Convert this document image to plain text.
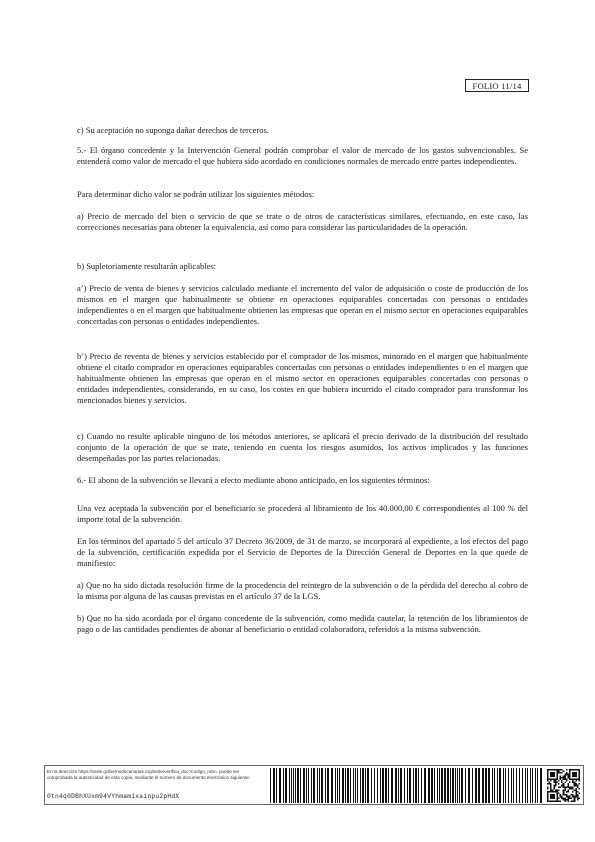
FOLIO 11/14

c) Su aceptación no suponga dañar derechos de terceros.

5.- El órgano concedente y la Intervención General podrán comprobar el valor de mercado de los gastos subvencionables. Se entenderá como valor de mercado el que hubiera sido acordado en condiciones normales de mercado entre partes independientes.

Para determinar dicho valor se podrán utilizar los siguientes métodos:

a) Precio de mercado del bien o servicio de que se trate o de otros de características similares, efectuando, en este caso, las correcciones necesarias para obtener la equivalencia, así como para considerar las particularidades de la operación.

b) Supletoriamente resultarán aplicables:

a’) Precio de venta de bienes y servicios calculado mediante el incremento del valor de adquisición o coste de producción de los mismos en el margen que habitualmente se obtiene en operaciones equiparables concertadas con personas o entidades independientes o en el margen que habitualmente obtienen las empresas que operan en el mismo sector en operaciones equiparables concertadas con personas o entidades independientes.

b’) Precio de reventa de bienes y servicios establecido por el comprador de los mismos, minorado en el margen que habitualmente obtiene el citado comprador en operaciones equiparables concertadas con personas o entidades independientes o en el margen que habitualmente obtienen las empresas que operan en el mismo sector en operaciones equiparables concertadas con personas o entidades independientes, considerando, en su caso, los costes en que hubiera incurrido el citado comprador para transformar los mencionados bienes y servicios.

c) Cuando no resulte aplicable ninguno de los métodos anteriores, se aplicará el precio derivado de la distribución del resultado conjunto de la operación de que se trate, teniendo en cuenta los riesgos asumidos, los activos implicados y las funciones desempeñadas por las partes relacionadas.

6.- El abono de la subvención se llevará a efecto mediante abono anticipado, en los siguientes términos:

Una vez aceptada la subvención por el beneficiario se procederá al libramiento de los 40.000,00 € correspondientes al 100 % del importe total de la subvención.

En los términos del apartado 5 del artículo 37 Decreto 36/2009, de 31 de marzo, se incorporará al expediente, a los efectos del pago de la subvención, certificación expedida por el Servicio de Deportes de la Dirección General de Deportes en la que quede de manifiesto:

a) Que no ha sido dictada resolución firme de la procedencia del reintegro de la subvención o de la pérdida del derecho al cobro de la misma por alguna de las causas previstas en el artículo 37 de la LGS.

b) Que no ha sido acordada por el órgano concedente de la subvención, como medida cautelar, la retención de los libramientos de pago o de las cantidades pendientes de abonar al beneficiario o entidad colaboradora, referidos a la misma subvención.

En la dirección https://sede.gobiernodecanarias.org/sede/verifica_doc?codigo_nde= puede ser comprobada la autenticidad de esta copia, mediante el número de documento electrónico siguiente:
0tn4q0DBhXUxm94VYhmam1xainpu2pHdX
